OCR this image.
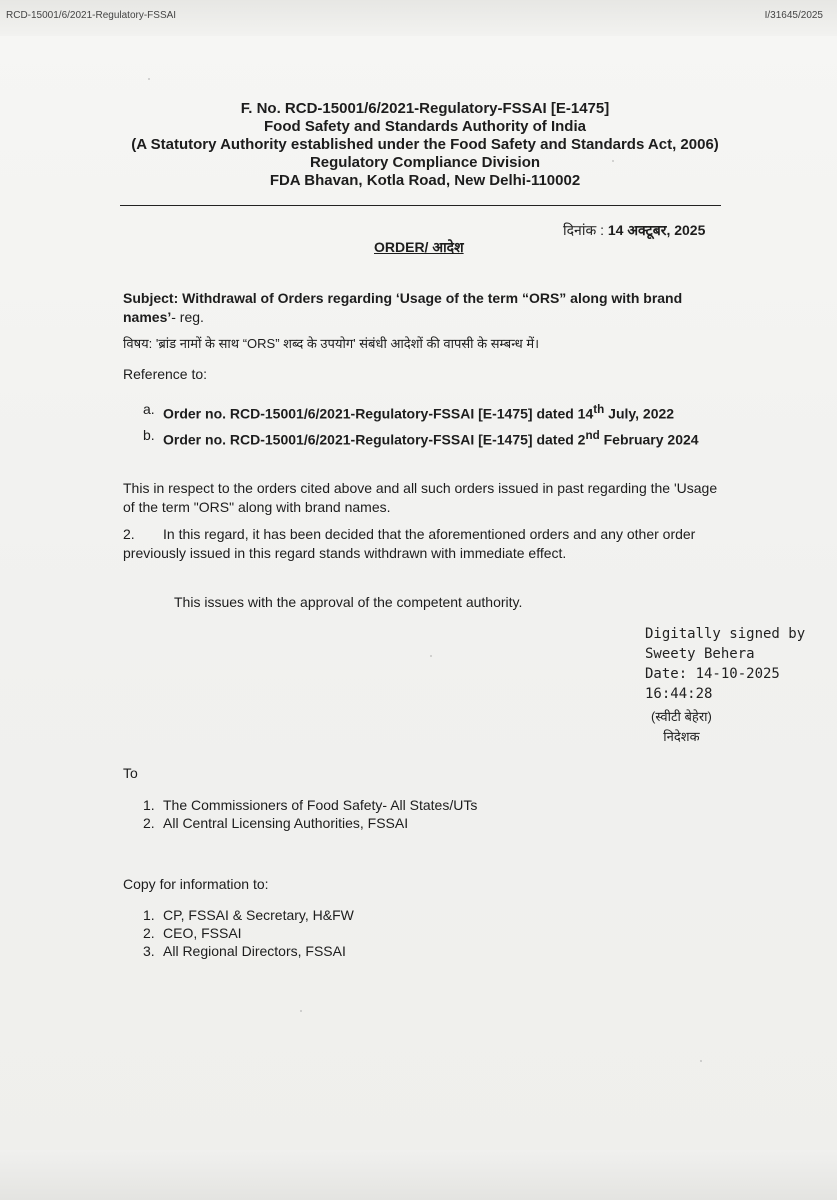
RCD-15001/6/2021-Regulatory-FSSAI	I/31645/2025
F. No. RCD-15001/6/2021-Regulatory-FSSAI [E-1475]
Food Safety and Standards Authority of India
(A Statutory Authority established under the Food Safety and Standards Act, 2006)
Regulatory Compliance Division
FDA Bhavan, Kotla Road, New Delhi-110002
दिनांक : 14 अक्टूबर, 2025
ORDER/ आदेश
Subject: Withdrawal of Orders regarding ‘Usage of the term “ORS” along with brand names’- reg.
विषय: 'ब्रांड नामों के साथ “ORS” शब्द के उपयोग' संबंधी आदेशों की वापसी के सम्बन्ध में।
Reference to:
a. Order no. RCD-15001/6/2021-Regulatory-FSSAI [E-1475] dated 14th July, 2022
b. Order no. RCD-15001/6/2021-Regulatory-FSSAI [E-1475] dated 2nd February 2024
This in respect to the orders cited above and all such orders issued in past regarding the 'Usage of the term "ORS" along with brand names.
2. In this regard, it has been decided that the aforementioned orders and any other order previously issued in this regard stands withdrawn with immediate effect.
This issues with the approval of the competent authority.
Digitally signed by
Sweety Behera
Date: 14-10-2025
16:44:28
(स्वीटी बेहेरा)
निदेशक
To
1. The Commissioners of Food Safety- All States/UTs
2. All Central Licensing Authorities, FSSAI
Copy for information to:
1. CP, FSSAI & Secretary, H&FW
2. CEO, FSSAI
3. All Regional Directors, FSSAI
